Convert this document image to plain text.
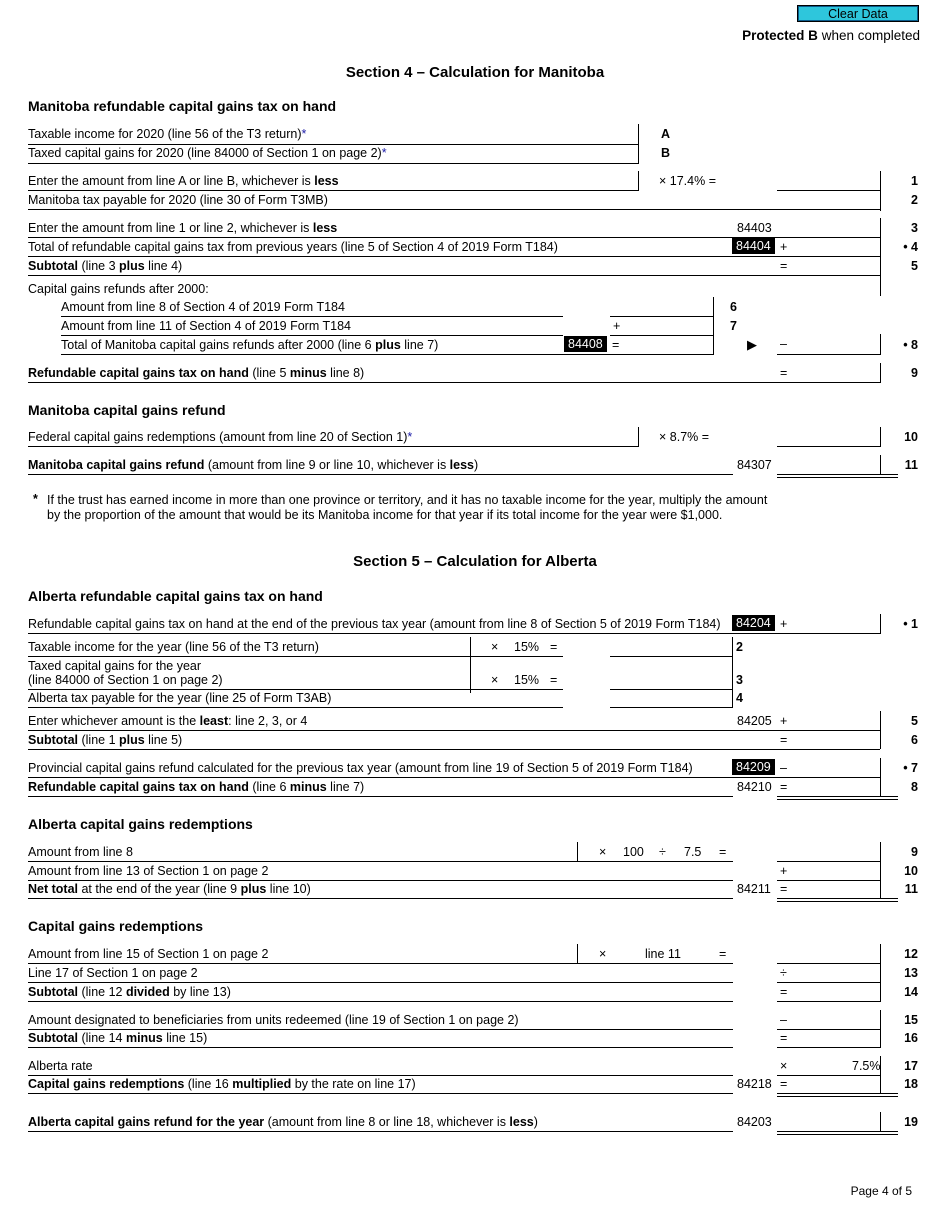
Clear Data
Protected B when completed
Section 4 – Calculation for Manitoba
Manitoba refundable capital gains tax on hand
Taxable income for 2020 (line 56 of the T3 return)*	A
Taxed capital gains for 2020 (line 84000 of Section 1 on page 2)*	B
Enter the amount from line A or line B, whichever is less	× 17.4% =	1
Manitoba tax payable for 2020 (line 30 of Form T3MB)	2
Enter the amount from line 1 or line 2, whichever is less	84403	3
Total of refundable capital gains tax from previous years (line 5 of Section 4 of 2019 Form T184)	84404 +	• 4
Subtotal (line 3 plus line 4)	=	5
Capital gains refunds after 2000:
Amount from line 8 of Section 4 of 2019 Form T184	6
Amount from line 11 of Section 4 of 2019 Form T184	+	7
Total of Manitoba capital gains refunds after 2000 (line 6 plus line 7)	84408 =	▶ –	• 8
Refundable capital gains tax on hand (line 5 minus line 8)	=	9
Manitoba capital gains refund
Federal capital gains redemptions (amount from line 20 of Section 1)*	× 8.7% =	10
Manitoba capital gains refund (amount from line 9 or line 10, whichever is less)	84307	11
* If the trust has earned income in more than one province or territory, and it has no taxable income for the year, multiply the amount
by the proportion of the amount that would be its Manitoba income for that year if its total income for the year were $1,000.
Section 5 – Calculation for Alberta
Alberta refundable capital gains tax on hand
Refundable capital gains tax on hand at the end of the previous tax year (amount from line 8 of Section 5 of 2019 Form T184)	84204 +	• 1
Taxable income for the year (line 56 of the T3 return)	× 15% =	2
Taxed capital gains for the year
(line 84000 of Section 1 on page 2)	× 15% =	3
Alberta tax payable for the year (line 25 of Form T3AB)	4
Enter whichever amount is the least: line 2, 3, or 4	84205 +	5
Subtotal (line 1 plus line 5)	=	6
Provincial capital gains refund calculated for the previous tax year (amount from line 19 of Section 5 of 2019 Form T184)	84209 –	• 7
Refundable capital gains tax on hand (line 6 minus line 7)	84210 =	8
Alberta capital gains redemptions
Amount from line 8	× 100 ÷ 7.5 =	9
Amount from line 13 of Section 1 on page 2	+	10
Net total at the end of the year (line 9 plus line 10)	84211 =	11
Capital gains redemptions
Amount from line 15 of Section 1 on page 2	×	line 11	=	12
Line 17 of Section 1 on page 2	÷	13
Subtotal (line 12 divided by line 13)	=	14
Amount designated to beneficiaries from units redeemed (line 19 of Section 1 on page 2)	–	15
Subtotal (line 14 minus line 15)	=	16
Alberta rate	×	7.5%	17
Capital gains redemptions (line 16 multiplied by the rate on line 17)	84218 =	18
Alberta capital gains refund for the year (amount from line 8 or line 18, whichever is less)	84203	19
Page 4 of 5
